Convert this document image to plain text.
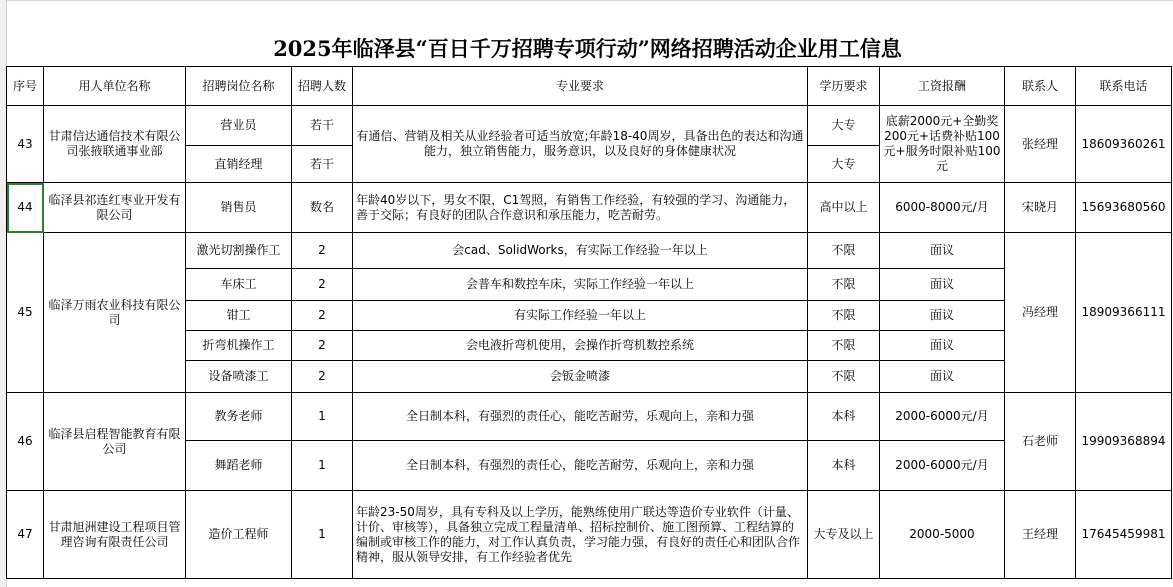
2025年临泽县“百日千万招聘专项行动”网络招聘活动企业用工信息
序号	用人单位名称	招聘岗位名称	招聘人数	专业要求	学历要求	工资报酬	联系人	联系电话
43	甘肃信达通信技术有限公司张掖联通事业部	营业员	若干	有通信、营销及相关从业经验者可适当放宽;年龄18-40周岁，具备出色的表达和沟通能力，独立销售能力，服务意识，以及良好的身体健康状况	大专	底薪2000元+全勤奖200元+话费补贴100元+服务时限补贴100元	张经理	18609360261
		直销经理	若干		大专			
44	临泽县祁连红枣业开发有限公司	销售员	数名	年龄40岁以下，男女不限，C1驾照，有销售工作经验，有较强的学习、沟通能力，善于交际；有良好的团队合作意识和承压能力，吃苦耐劳。	高中以上	6000-8000元/月	宋晓月	15693680560
45	临泽万雨农业科技有限公司	激光切割操作工	2	会cad、SolidWorks，有实际工作经验一年以上	不限	面议	冯经理	18909366111
		车床工	2	会普车和数控车床，实际工作经验一年以上	不限	面议		
		钳工	2	有实际工作经验一年以上	不限	面议		
		折弯机操作工	2	会电液折弯机使用，会操作折弯机数控系统	不限	面议		
		设备喷漆工	2	会钣金喷漆	不限	面议		
46	临泽县启程智能教育有限公司	教务老师	1	全日制本科，有强烈的责任心，能吃苦耐劳，乐观向上，亲和力强	本科	2000-6000元/月	石老师	19909368894
		舞蹈老师	1	全日制本科，有强烈的责任心，能吃苦耐劳，乐观向上，亲和力强	本科	2000-6000元/月		
47	甘肃旭洲建设工程项目管理咨询有限责任公司	造价工程师	1	年龄23-50周岁，具有专科及以上学历，能熟练使用广联达等造价专业软件（计量、计价、审核等），具备独立完成工程量清单、招标控制价、施工图预算、工程结算的编制或审核工作的能力，对工作认真负责，学习能力强，有良好的责任心和团队合作精神，服从领导安排，有工作经验者优先	大专及以上	2000-5000	王经理	17645459981
